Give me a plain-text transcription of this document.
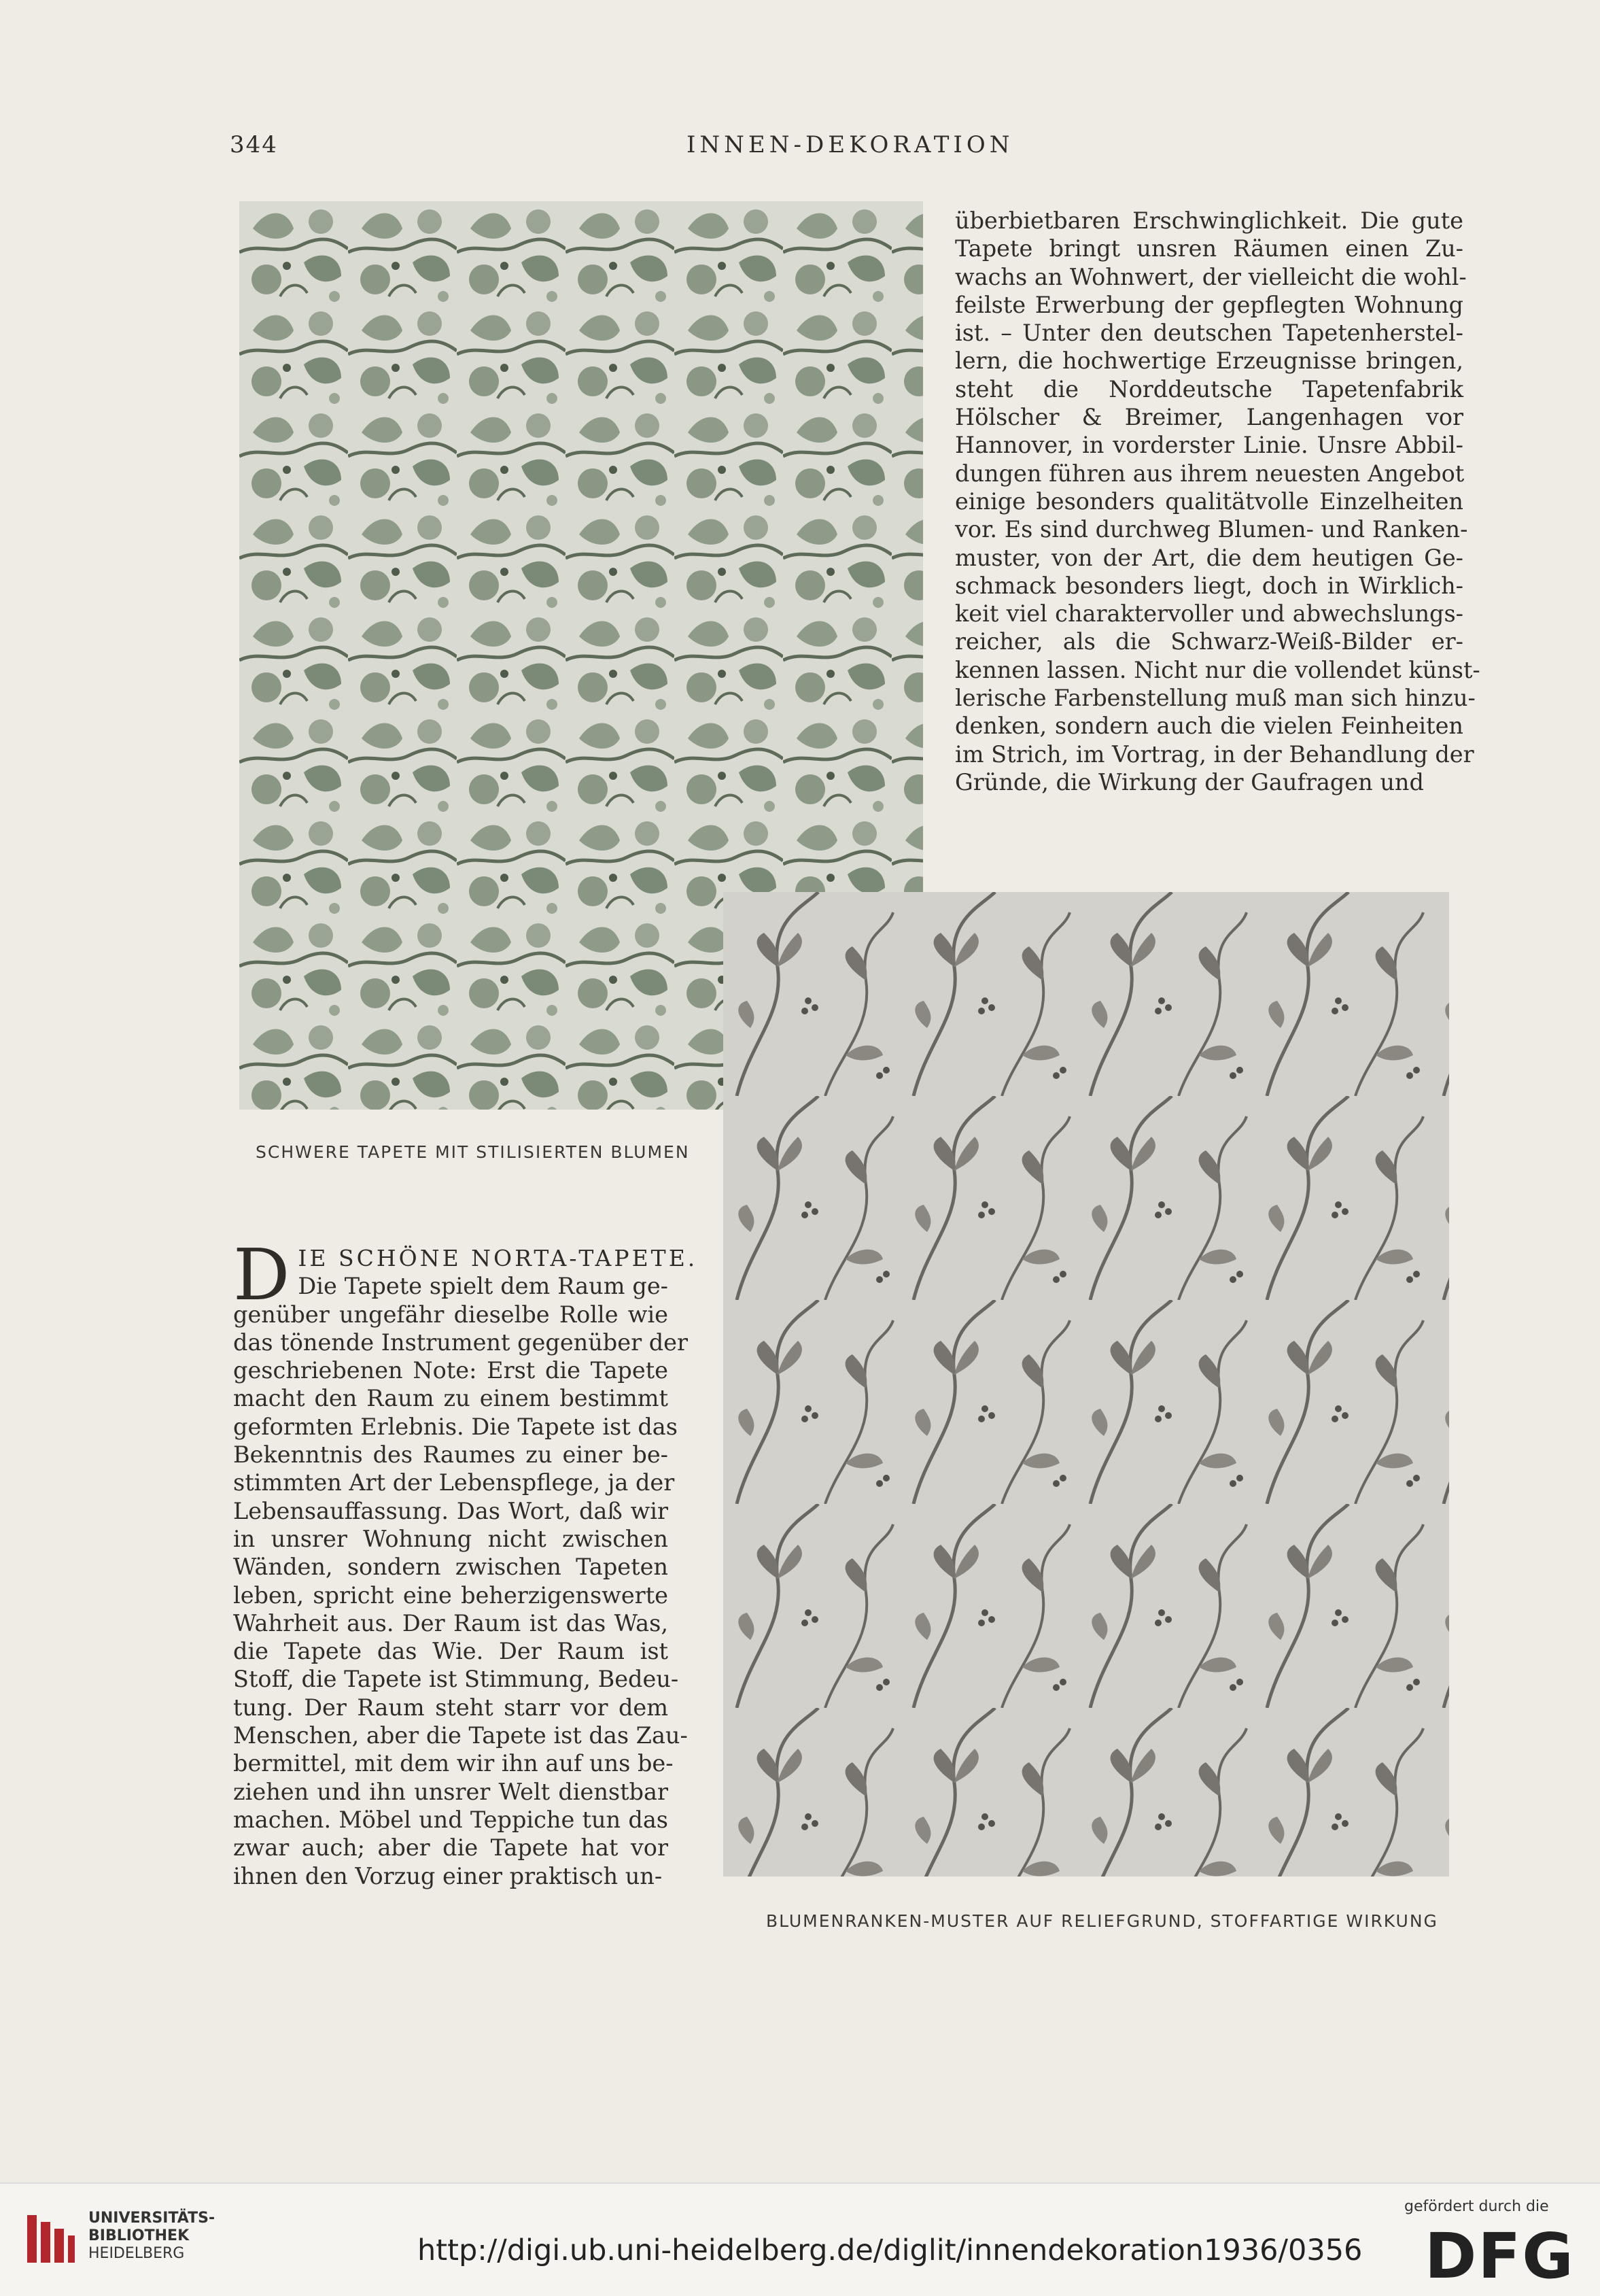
344	INNEN-DEKORATION
überbietbaren Erschwinglichkeit. Die gute
Tapete bringt unsren Räumen einen Zu-
wachs an Wohnwert, der vielleicht die wohl-
feilste Erwerbung der gepflegten Wohnung
ist. – Unter den deutschen Tapetenherstel-
lern, die hochwertige Erzeugnisse bringen,
steht die Norddeutsche Tapetenfabrik
Hölscher & Breimer, Langenhagen vor
Hannover, in vorderster Linie. Unsre Abbil-
dungen führen aus ihrem neuesten Angebot
einige besonders qualitätvolle Einzelheiten
vor. Es sind durchweg Blumen- und Ranken-
muster, von der Art, die dem heutigen Ge-
schmack besonders liegt, doch in Wirklich-
keit viel charaktervoller und abwechslungs-
reicher, als die Schwarz-Weiß-Bilder er-
kennen lassen. Nicht nur die vollendet künst-
lerische Farbenstellung muß man sich hinzu-
denken, sondern auch die vielen Feinheiten
im Strich, im Vortrag, in der Behandlung der
Gründe, die Wirkung der Gaufragen und
SCHWERE TAPETE MIT STILISIERTEN BLUMEN
D IE SCHÖNE NORTA-TAPETE.
Die Tapete spielt dem Raum ge-
genüber ungefähr dieselbe Rolle wie
das tönende Instrument gegenüber der
geschriebenen Note: Erst die Tapete
macht den Raum zu einem bestimmt
geformten Erlebnis. Die Tapete ist das
Bekenntnis des Raumes zu einer be-
stimmten Art der Lebenspflege, ja der
Lebensauffassung. Das Wort, daß wir
in unsrer Wohnung nicht zwischen
Wänden, sondern zwischen Tapeten
leben, spricht eine beherzigenswerte
Wahrheit aus. Der Raum ist das Was,
die Tapete das Wie. Der Raum ist
Stoff, die Tapete ist Stimmung, Bedeu-
tung. Der Raum steht starr vor dem
Menschen, aber die Tapete ist das Zau-
bermittel, mit dem wir ihn auf uns be-
ziehen und ihn unsrer Welt dienstbar
machen. Möbel und Teppiche tun das
zwar auch; aber die Tapete hat vor
ihnen den Vorzug einer praktisch un-
BLUMENRANKEN-MUSTER AUF RELIEFGRUND, STOFFARTIGE WIRKUNG
UNIVERSITÄTS-
BIBLIOTHEK
HEIDELBERG	http://digi.ub.uni-heidelberg.de/diglit/innendekoration1936/0356
gefördert durch die
DFG
